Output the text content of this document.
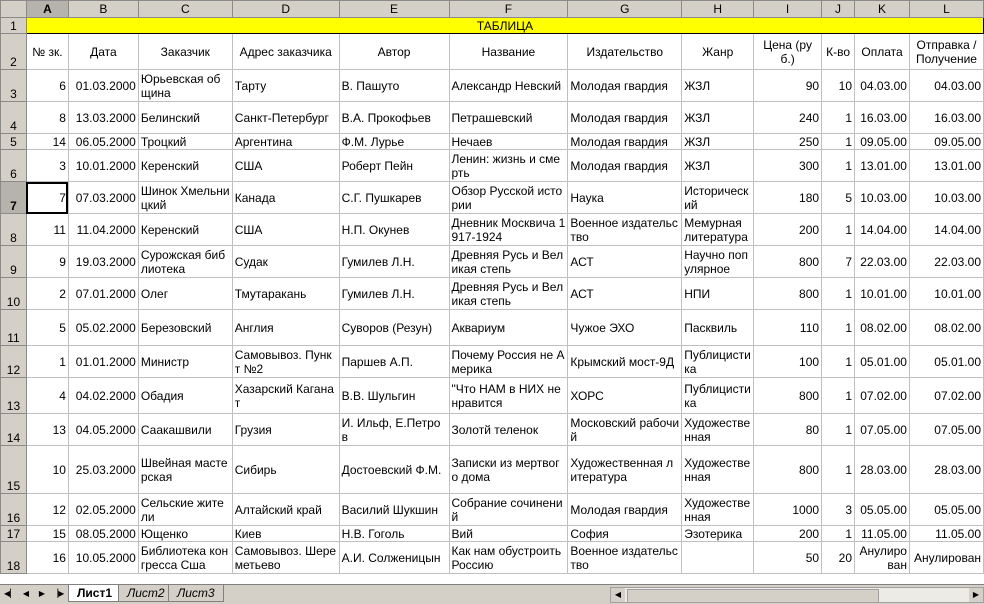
	A	B	C	D	E	F	G	H	I	J	K	L
1	ТАБЛИЦА											
2	№ зк.	Дата	Заказчик	Адрес заказчика	Автор	Название	Издательство	Жанр	Цена (руб.)	К-во	Оплата	Отправка / Получение
3	6	01.03.2000	Юрьевская община	Тарту	В. Пашуто	Александр Невский	Молодая гвардия	ЖЗЛ	90	10	04.03.00	04.03.00
4	8	13.03.2000	Белинский	Санкт-Петербург	В.А. Прокофьев	Петрашевский	Молодая гвардия	ЖЗЛ	240	1	16.03.00	16.03.00
5	14	06.05.2000	Троцкий	Аргентина	Ф.М. Лурье	Нечаев	Молодая гвардия	ЖЗЛ	250	1	09.05.00	09.05.00
6	3	10.01.2000	Керенский	США	Роберт Пейн	Ленин: жизнь и смерть	Молодая гвардия	ЖЗЛ	300	1	13.01.00	13.01.00
7	7	07.03.2000	Шинок Хмельницкий	Канада	С.Г. Пушкарев	Обзор Русской истории	Наука	Историческ ий	180	5	10.03.00	10.03.00
8	11	11.04.2000	Керенский	США	Н.П. Окунев	Дневник Москвича 1917-1924	Военное издательство	Мемурная литература	200	1	14.04.00	14.04.00
9	9	19.03.2000	Сурожская библиотека	Судак	Гумилев Л.Н.	Древняя Русь и Великая степь	АСТ	Научно популярное	800	7	22.03.00	22.03.00
10	2	07.01.2000	Олег	Тмутаракань	Гумилев Л.Н.	Древняя Русь и Великая степь	АСТ	НПИ	800	1	10.01.00	10.01.00
11	5	05.02.2000	Березовский	Англия	Суворов (Резун)	Аквариум	Чужое ЭХО	Пасквиль	110	1	08.02.00	08.02.00
12	1	01.01.2000	Министр	Самовывоз. Пункт №2	Паршев А.П.	Почему Россия не Америка	Крымский мост-9Д	Публицисти ка	100	1	05.01.00	05.01.00
13	4	04.02.2000	Обадия	Хазарский Каганат	В.В. Шульгин	"Что НАМ в НИХ не нравится	ХОРС	Публицисти ка	800	1	07.02.00	07.02.00
14	13	04.05.2000	Саакашвили	Грузия	И. Ильф, Е.Петров	Золотй теленок	Московский рабочий	Художестве нная	80	1	07.05.00	07.05.00
15	10	25.03.2000	Швейная мастерская	Сибирь	Достоевский Ф.М.	Записки из мертвого дома	Художественная литература	Художестве нная	800	1	28.03.00	28.03.00
16	12	02.05.2000	Сельские жители	Алтайский край	Василий Шукшин	Собрание сочинений	Молодая гвардия	Художестве нная	1000	3	05.05.00	05.05.00
17	15	08.05.2000	Ющенко	Киев	Н.В. Гоголь	Вий	София	Эзотерика	200	1	11.05.00	11.05.00
18	16	10.05.2000	Библиотека конгресса Сша	Самовывоз. Шереметьево	А.И. Солженицын	Как нам обустроить Россию	Военное издательство		50	20	Анулиро ван	Анулирован
◀▏ ◀	▶ ▕▶	Лист1	Лист2	Лист3	◀	▶
